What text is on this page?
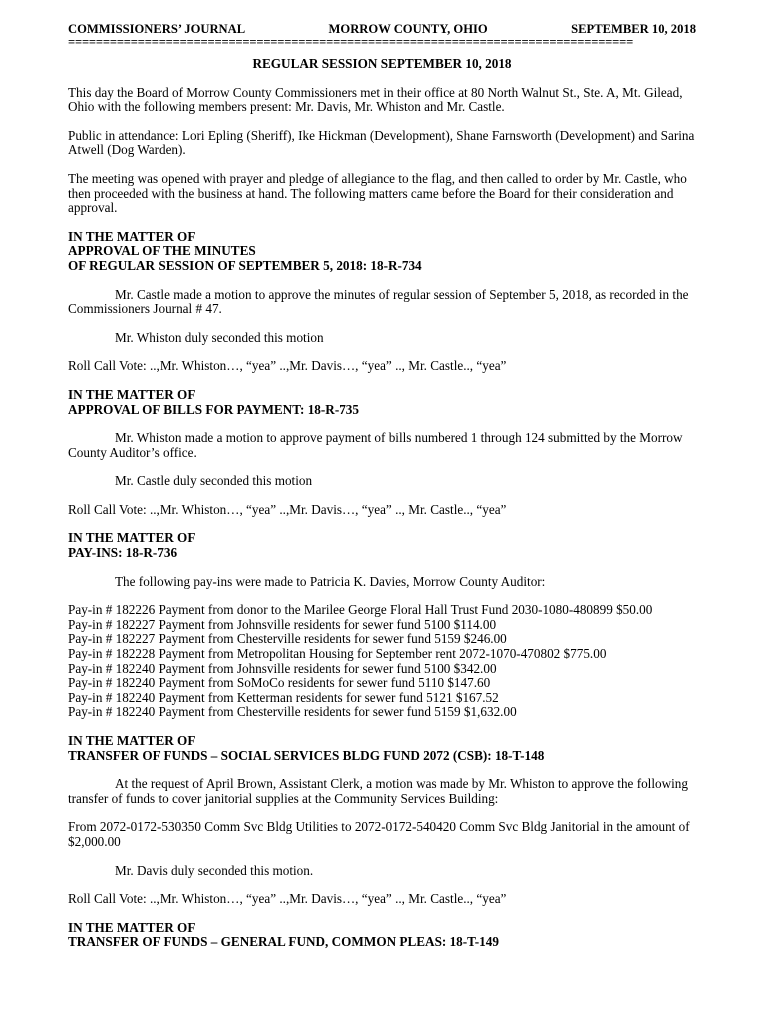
COMMISSIONERS’ JOURNAL	MORROW COUNTY, OHIO	SEPTEMBER 10, 2018
=================================================================================
REGULAR SESSION SEPTEMBER 10, 2018

This day the Board of Morrow County Commissioners met in their office at 80 North Walnut St., Ste. A, Mt. Gilead, Ohio with the following members present: Mr. Davis, Mr. Whiston and Mr. Castle.

Public in attendance: Lori Epling (Sheriff), Ike Hickman (Development), Shane Farnsworth (Development) and Sarina Atwell (Dog Warden).

The meeting was opened with prayer and pledge of allegiance to the flag, and then called to order by Mr. Castle, who then proceeded with the business at hand. The following matters came before the Board for their consideration and approval.

IN THE MATTER OF

APPROVAL OF THE MINUTES

OF REGULAR SESSION OF SEPTEMBER 5, 2018: 18-R-734

Mr. Castle made a motion to approve the minutes of regular session of September 5, 2018, as recorded in the Commissioners Journal # 47.

Mr. Whiston duly seconded this motion

Roll Call Vote: ..,Mr. Whiston…, “yea” ..,Mr. Davis…, “yea” .., Mr. Castle.., “yea”

IN THE MATTER OF

APPROVAL OF BILLS FOR PAYMENT: 18-R-735

Mr. Whiston made a motion to approve payment of bills numbered 1 through 124 submitted by the Morrow County Auditor’s office.

Mr. Castle duly seconded this motion

Roll Call Vote: ..,Mr. Whiston…, “yea” ..,Mr. Davis…, “yea” .., Mr. Castle.., “yea”

IN THE MATTER OF

PAY-INS: 18-R-736

The following pay-ins were made to Patricia K. Davies, Morrow County Auditor:

Pay-in # 182226 Payment from donor to the Marilee George Floral Hall Trust Fund 2030-1080-480899 $50.00

Pay-in # 182227 Payment from Johnsville residents for sewer fund 5100 $114.00

Pay-in # 182227 Payment from Chesterville residents for sewer fund 5159 $246.00

Pay-in # 182228 Payment from Metropolitan Housing for September rent 2072-1070-470802 $775.00

Pay-in # 182240 Payment from Johnsville residents for sewer fund 5100 $342.00

Pay-in # 182240 Payment from SoMoCo residents for sewer fund 5110 $147.60

Pay-in # 182240 Payment from Ketterman residents for sewer fund 5121 $167.52

Pay-in # 182240 Payment from Chesterville residents for sewer fund 5159 $1,632.00

IN THE MATTER OF

TRANSFER OF FUNDS – SOCIAL SERVICES BLDG FUND 2072 (CSB): 18-T-148

At the request of April Brown, Assistant Clerk, a motion was made by Mr. Whiston to approve the following transfer of funds to cover janitorial supplies at the Community Services Building:

From 2072-0172-530350 Comm Svc Bldg Utilities to 2072-0172-540420 Comm Svc Bldg Janitorial in the amount of $2,000.00

Mr. Davis duly seconded this motion.

Roll Call Vote: ..,Mr. Whiston…, “yea” ..,Mr. Davis…, “yea” .., Mr. Castle.., “yea”

IN THE MATTER OF

TRANSFER OF FUNDS – GENERAL FUND, COMMON PLEAS: 18-T-149
